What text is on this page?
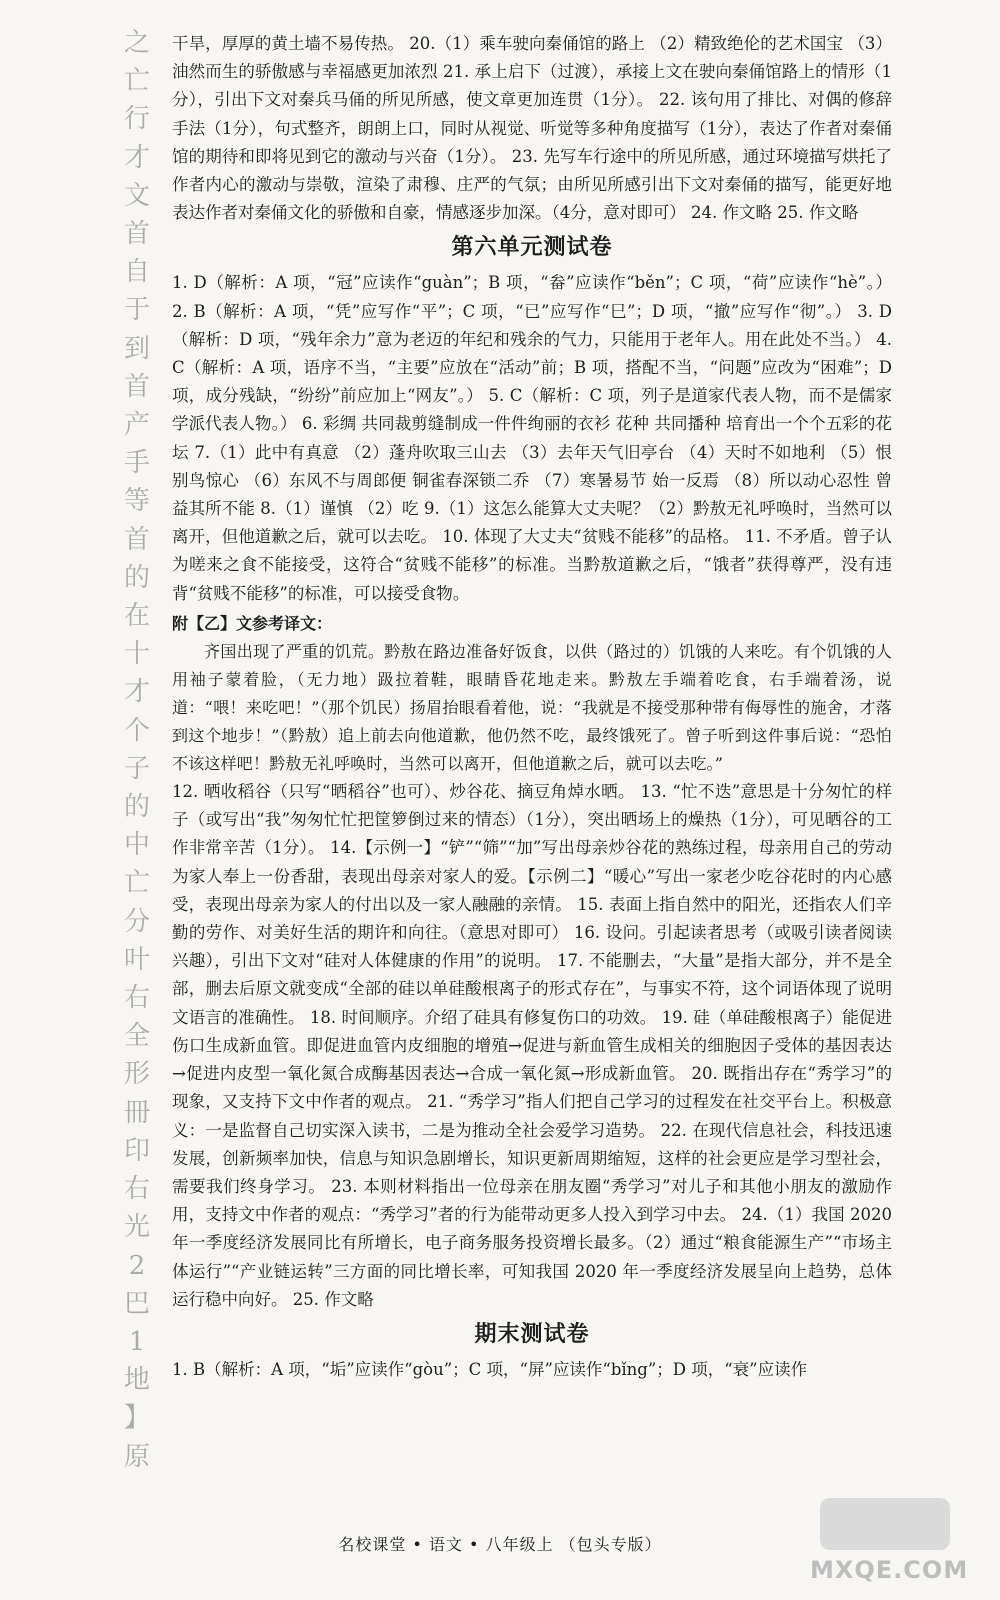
之
亡
行
才
文
首
自
于
到
首
产
手
等
首
的
在
十
才
个
子
的
中
亡
分
叶
右
全
形
冊
印
右
光
2
巴
1
地
】
原

干旱，厚厚的黄土墙不易传热。 20.（1）乘车驶向秦俑馆的路上 （2）精致绝伦的艺术国宝 （3）油然而生的骄傲感与幸福感更加浓烈 21. 承上启下（过渡），承接上文在驶向秦俑馆路上的情形（1分），引出下文对秦兵马俑的所见所感，使文章更加连贯（1分）。 22. 该句用了排比、对偶的修辞手法（1分），句式整齐，朗朗上口，同时从视觉、听觉等多种角度描写（1分），表达了作者对秦俑馆的期待和即将见到它的激动与兴奋（1分）。 23. 先写车行途中的所见所感，通过环境描写烘托了作者内心的激动与崇敬，渲染了肃穆、庄严的气氛；由所见所感引出下文对秦俑的描写，能更好地表达作者对秦俑文化的骄傲和自豪，情感逐步加深。（4分，意对即可） 24. 作文略 25. 作文略

第六单元测试卷

1. D（解析：A 项，“冠”应读作“guàn”；B 项，“畚”应读作“běn”；C 项，“荷”应读作“hè”。） 2. B（解析：A 项，“凭”应写作“平”；C 项，“已”应写作“巳”；D 项，“撤”应写作“彻”。） 3. D（解析：D 项，“残年余力”意为老迈的年纪和残余的气力，只能用于老年人。用在此处不当。） 4. C（解析：A 项，语序不当，“主要”应放在“活动”前；B 项，搭配不当，“问题”应改为“困难”；D 项，成分残缺，“纷纷”前应加上“网友”。） 5. C（解析：C 项，列子是道家代表人物，而不是儒家学派代表人物。） 6. 彩绸 共同裁剪缝制成一件件绚丽的衣衫 花种 共同播种 培育出一个个五彩的花坛 7.（1）此中有真意 （2）蓬舟吹取三山去 （3）去年天气旧亭台 （4）天时不如地利 （5）恨别鸟惊心 （6）东风不与周郎便 铜雀春深锁二乔 （7）寒暑易节 始一反焉 （8）所以动心忍性 曾益其所不能 8.（1）谨慎 （2）吃 9.（1）这怎么能算大丈夫呢？（2）黔敖无礼呼唤时，当然可以离开，但他道歉之后，就可以去吃。 10. 体现了大丈夫“贫贱不能移”的品格。 11. 不矛盾。曾子认为嗟来之食不能接受，这符合“贫贱不能移”的标准。当黔敖道歉之后，“饿者”获得尊严，没有违背“贫贱不能移”的标准，可以接受食物。

附【乙】文参考译文：

齐国出现了严重的饥荒。黔敖在路边准备好饭食，以供（路过的）饥饿的人来吃。有个饥饿的人用袖子蒙着脸，（无力地）趿拉着鞋，眼睛昏花地走来。黔敖左手端着吃食，右手端着汤，说道：“喂！来吃吧！”（那个饥民）扬眉抬眼看着他，说：“我就是不接受那种带有侮辱性的施舍，才落到这个地步！”（黔敖）追上前去向他道歉，他仍然不吃，最终饿死了。曾子听到这件事后说：“恐怕不该这样吧！黔敖无礼呼唤时，当然可以离开，但他道歉之后，就可以去吃。”

12. 晒收稻谷（只写“晒稻谷”也可）、炒谷花、摘豆角焯水晒。 13. “忙不迭”意思是十分匆忙的样子（或写出“我”匆匆忙忙把筐箩倒过来的情态）（1分），突出晒场上的燥热（1分），可见晒谷的工作非常辛苦（1分）。 14.【示例一】“铲”“筛”“加”写出母亲炒谷花的熟练过程，母亲用自己的劳动为家人奉上一份香甜，表现出母亲对家人的爱。【示例二】“暖心”写出一家老少吃谷花时的内心感受，表现出母亲为家人的付出以及一家人融融的亲情。 15. 表面上指自然中的阳光，还指农人们辛勤的劳作、对美好生活的期许和向往。（意思对即可） 16. 设问。引起读者思考（或吸引读者阅读兴趣），引出下文对“硅对人体健康的作用”的说明。 17. 不能删去，“大量”是指大部分，并不是全部，删去后原文就变成“全部的硅以单硅酸根离子的形式存在”，与事实不符，这个词语体现了说明文语言的准确性。 18. 时间顺序。介绍了硅具有修复伤口的功效。 19. 硅（单硅酸根离子）能促进伤口生成新血管。即促进血管内皮细胞的增殖→促进与新血管生成相关的细胞因子受体的基因表达→促进内皮型一氧化氮合成酶基因表达→合成一氧化氮→形成新血管。 20. 既指出存在“秀学习”的现象，又支持下文中作者的观点。 21. “秀学习”指人们把自己学习的过程发在社交平台上。积极意义：一是监督自己切实深入读书，二是为推动全社会爱学习造势。 22. 在现代信息社会，科技迅速发展，创新频率加快，信息与知识急剧增长，知识更新周期缩短，这样的社会更应是学习型社会，需要我们终身学习。 23. 本则材料指出一位母亲在朋友圈“秀学习”对儿子和其他小朋友的激励作用，支持文中作者的观点：“秀学习”者的行为能带动更多人投入到学习中去。 24.（1）我国 2020 年一季度经济发展同比有所增长，电子商务服务投资增长最多。（2）通过“粮食能源生产”“市场主体运行”“产业链运转”三方面的同比增长率，可知我国 2020 年一季度经济发展呈向上趋势，总体运行稳中向好。 25. 作文略

期末测试卷

1. B（解析：A 项，“垢”应读作“gòu”；C 项，“屏”应读作“bǐng”；D 项，“衰”应读作

名校课堂 • 语文 • 八年级上 （包头专版）
MXQE.COM
